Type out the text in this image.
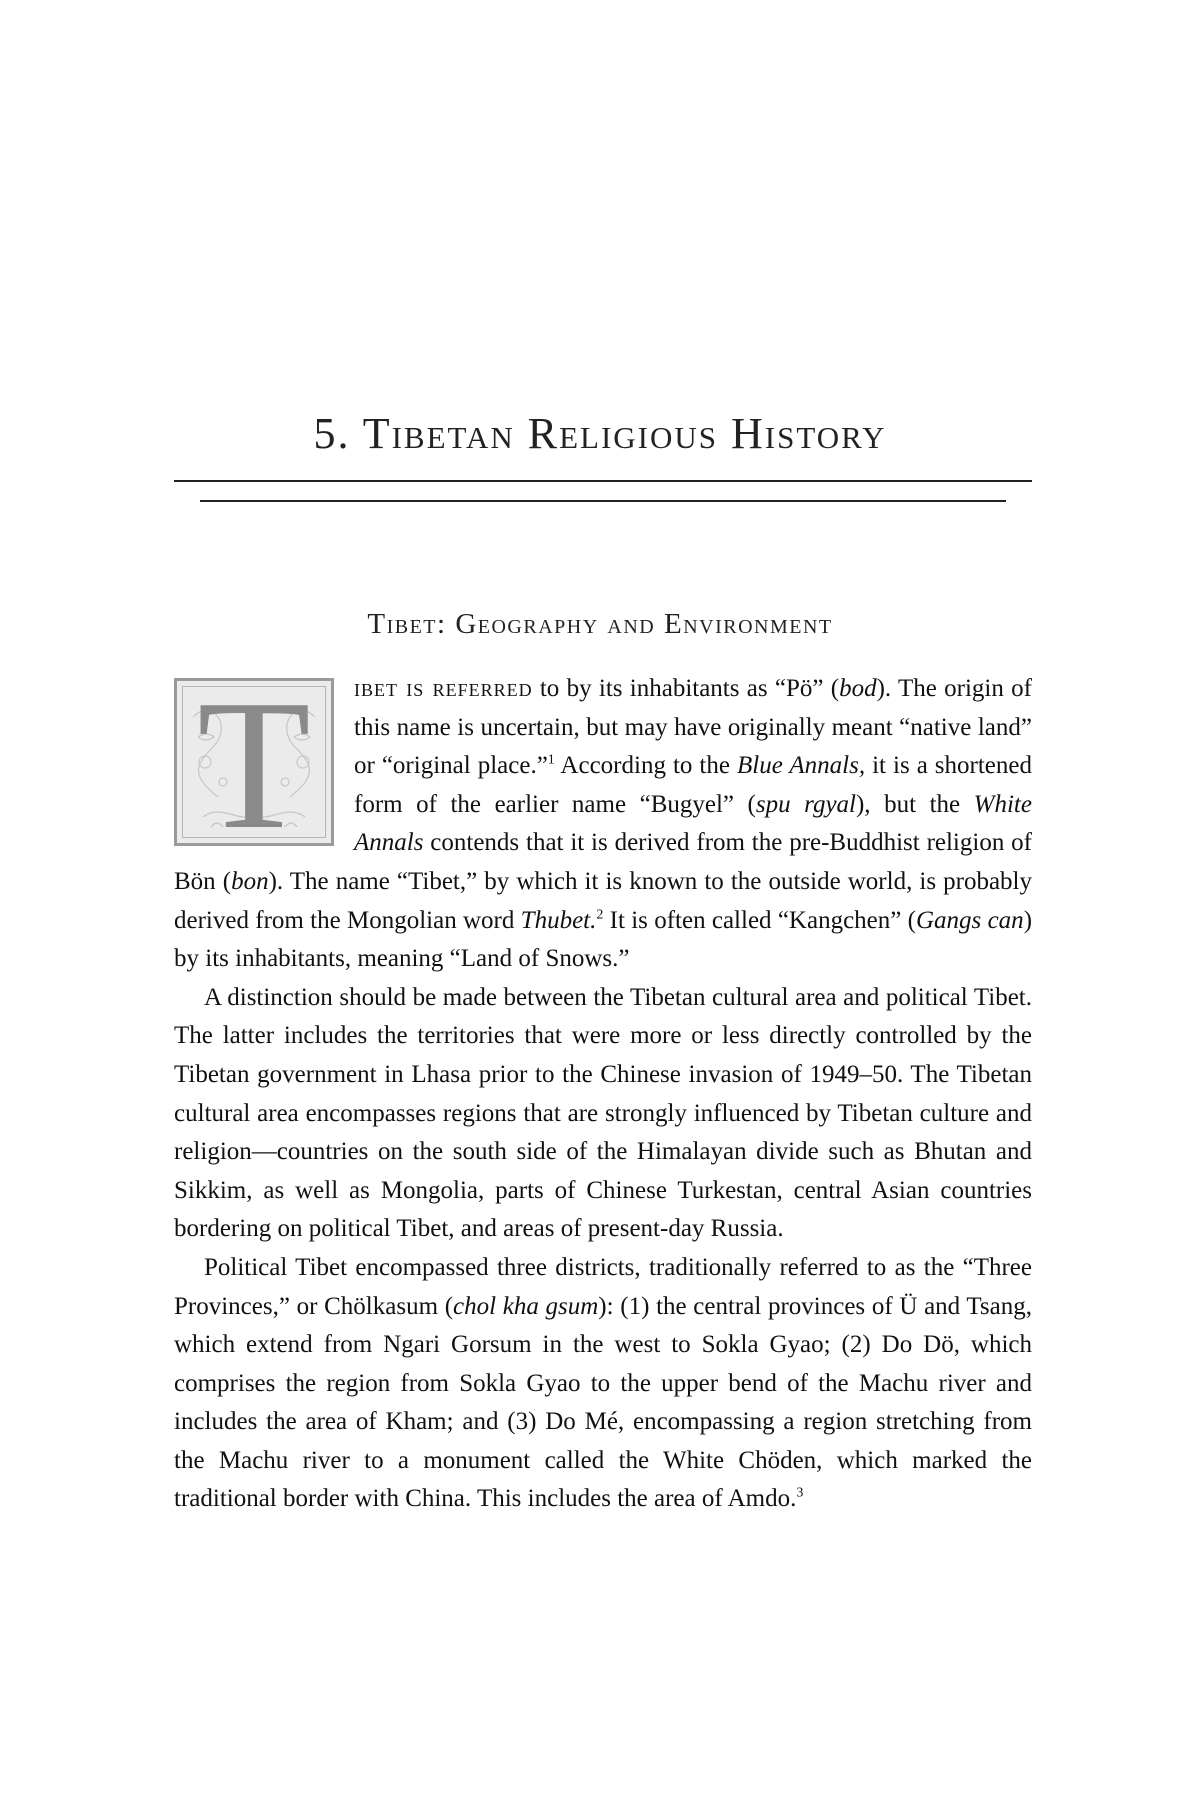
5. Tibetan Religious History
Tibet: Geography and Environment

T	ibet is referred to by its inhabitants as “Pö” (bod). The origin of this name is uncertain, but may have originally meant “native land” or “original place.”$^1$ According to the Blue Annals, it is a shortened form of the earlier name “Bugyel” (spu rgyal), but the White Annals contends that it is derived from the pre-Buddhist religion of Bön (bon). The name “Tibet,” by which it is known to the outside world, is probably derived from the Mongolian word Thubet.$^2$ It is often called “Kangchen” (Gangs can) by its inhabitants, meaning “Land of Snows.”

A distinction should be made between the Tibetan cultural area and political Tibet. The latter includes the territories that were more or less directly controlled by the Tibetan government in Lhasa prior to the Chinese invasion of 1949–50. The Tibetan cultural area encompasses regions that are strongly influenced by Tibetan culture and religion—countries on the south side of the Himalayan divide such as Bhutan and Sikkim, as well as Mongolia, parts of Chinese Turkestan, central Asian countries bordering on political Tibet, and areas of present-day Russia.

Political Tibet encompassed three districts, traditionally referred to as the “Three Provinces,” or Chölkasum (chol kha gsum): (1) the central provinces of Ü and Tsang, which extend from Ngari Gorsum in the west to Sokla Gyao; (2) Do Dö, which comprises the region from Sokla Gyao to the upper bend of the Machu river and includes the area of Kham; and (3) Do Mé, encompassing a region stretching from the Machu river to a monument called the White Chöden, which marked the traditional border with China. This includes the area of Amdo.$^3$
